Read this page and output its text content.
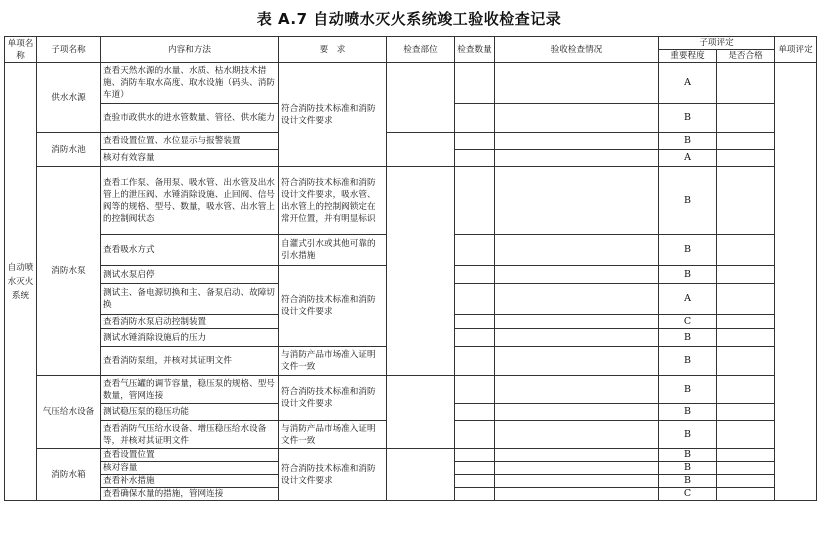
表 A.7 自动喷水灭火系统竣工验收检查记录
单项名称	子项名称	内容和方法	要　求	检查部位	检查数量	验收检查情况	子项评定		单项评定
							重要程度	是否合格	
自动喷水灭火系统	供水水源	查看天然水源的水量、水质、枯水期技术措施、消防车取水高度、取水设施（码头、消防车道）	符合消防技术标准和消防设计文件要求				A		
		查验市政供水的进水管数量、管径、供水能力					B		
	消防水池	查看设置位置、水位显示与报警装置					B		
		核对有效容量					A		
	消防水泵	查看工作泵、备用泵、吸水管、出水管及出水管上的泄压阀、水锤消除设施、止回阀、信号阀等的规格、型号、数量，吸水管、出水管上的控制阀状态	符合消防技术标准和消防设计文件要求，吸水管、出水管上的控制阀锁定在常开位置，并有明显标识				B		
		查看吸水方式	自灌式引水或其他可靠的引水措施				B		
		测试水泵启停	符合消防技术标准和消防设计文件要求				B		
		测试主、备电源切换和主、备泵启动、故障切换					A		
		查看消防水泵启动控制装置					C		
		测试水锤消除设施后的压力					B		
		查看消防泵组，并核对其证明文件	与消防产品市场准入证明文件一致				B		
	气压给水设备	查看气压罐的调节容量，稳压泵的规格、型号数量，管网连接	符合消防技术标准和消防设计文件要求				B		
		测试稳压泵的稳压功能					B		
		查看消防气压给水设备、增压稳压给水设备等，并核对其证明文件	与消防产品市场准入证明文件一致				B		
	消防水箱	查看设置位置	符合消防技术标准和消防设计文件要求				B		
		核对容量					B		
		查看补水措施					B		
		查看确保水量的措施，管网连接					C		
